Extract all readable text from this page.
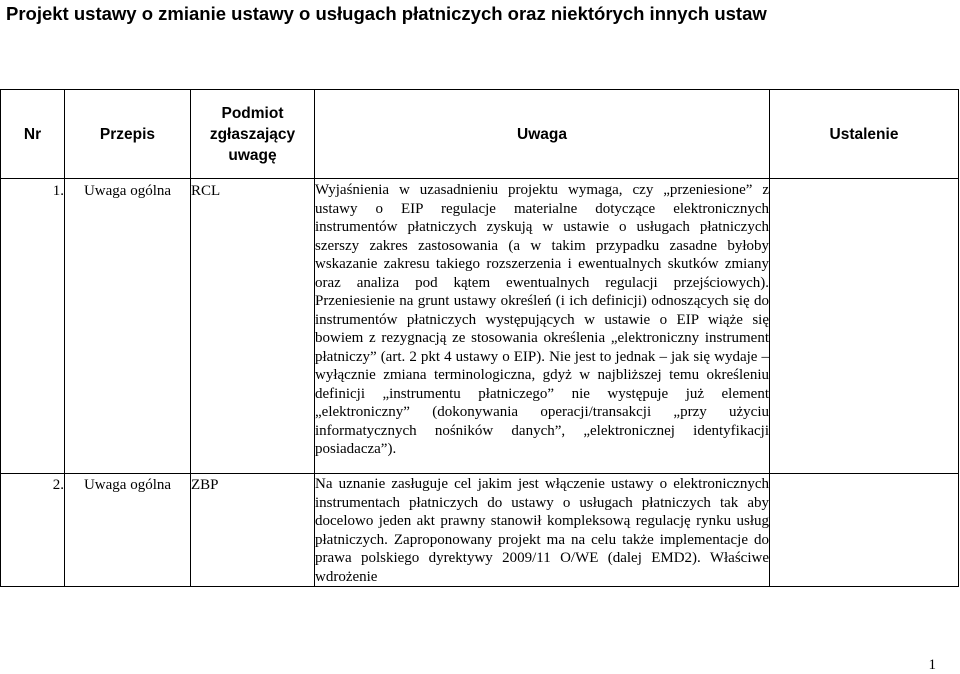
Projekt ustawy o zmianie ustawy o usługach płatniczych oraz niektórych innych ustaw
Nr	Przepis	Podmiot zgłaszający uwagę	Uwaga	Ustalenie
1.	Uwaga ogólna	RCL	Wyjaśnienia w uzasadnieniu projektu wymaga, czy „przeniesione” z ustawy o EIP regulacje materialne dotyczące elektronicznych instrumentów płatniczych zyskują w ustawie o usługach płatniczych szerszy zakres zastosowania (a w takim przypadku zasadne byłoby wskazanie zakresu takiego rozszerzenia i ewentualnych skutków zmiany oraz analiza pod kątem ewentualnych regulacji przejściowych). Przeniesienie na grunt ustawy określeń (i ich definicji) odnoszących się do instrumentów płatniczych występujących w ustawie o EIP wiąże się bowiem z rezygnacją ze stosowania określenia „elektroniczny instrument płatniczy” (art. 2 pkt 4 ustawy o EIP). Nie jest to jednak – jak się wydaje – wyłącznie zmiana terminologiczna, gdyż w najbliższej temu określeniu definicji „instrumentu płatniczego” nie występuje już element „elektroniczny” (dokonywania operacji/transakcji „przy użyciu informatycznych nośników danych”, „elektronicznej identyfikacji posiadacza”).	

2.	Uwaga ogólna	ZBP	Na uznanie zasługuje cel jakim jest włączenie ustawy o elektronicznych instrumentach płatniczych do ustawy o usługach płatniczych tak aby docelowo jeden akt prawny stanowił kompleksową regulację rynku usług płatniczych. Zaproponowany projekt ma na celu także implementacje do prawa polskiego dyrektywy 2009/11 O/WE (dalej EMD2). Właściwe wdrożenie	

1
